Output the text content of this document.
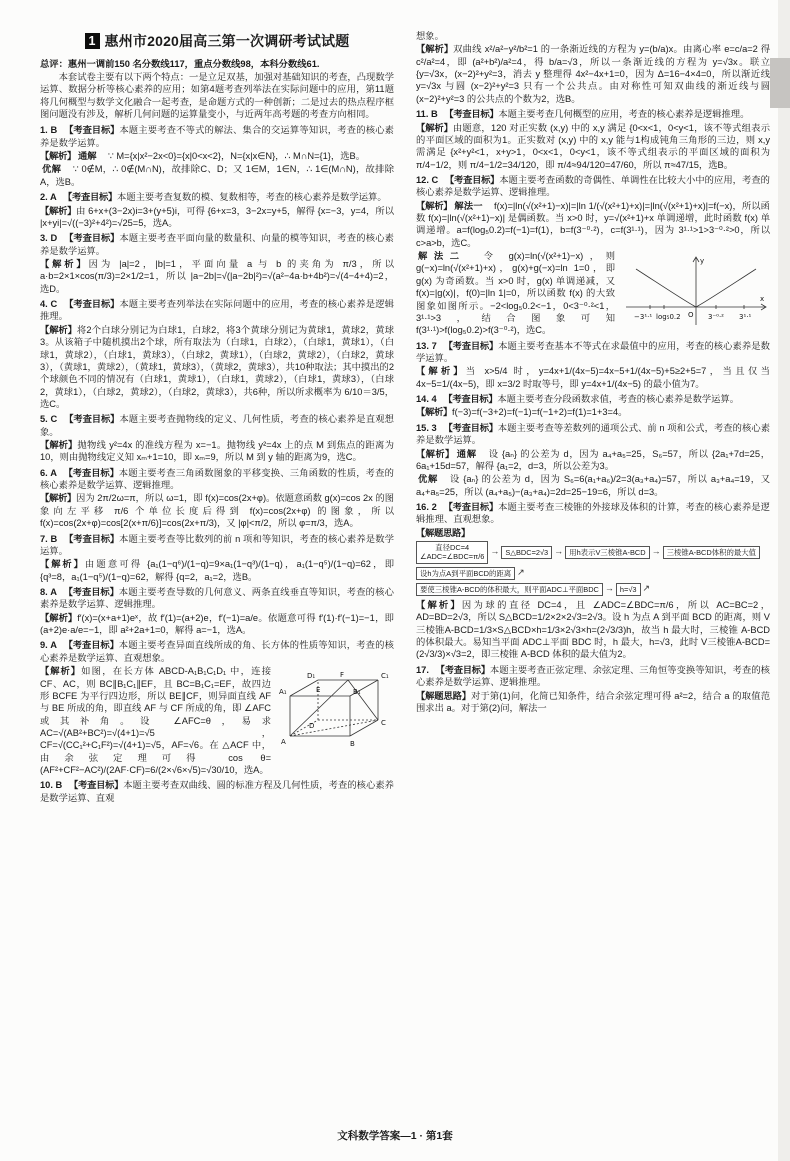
1 惠州市2020届高三第一次调研考试试题

总评：惠州一调前150 名分数线117，重点分数线98，本科分数线61.

本套试卷主要有以下两个特点：一是立足双基，加强对基础知识的考查，凸现数学运算、数据分析等核心素养的应用；如第4题考查列举法在实际问题中的应用，第11题将几何概型与数学文化融合一起考查，是命题方式的一种创新；二是过去的热点程序框图问题没有涉及，解析几何问题的运算量变小，与近两年高考题的考查方向相同。

1. B　【考查目标】本题主要考查不等式的解法、集合的交运算等知识，考查的核心素养是数学运算。

【解析】 通解　∵ M={x|x²−2x<0}={x|0<x<2}，N={x|x∈N}，∴ M∩N={1}，选B。

优解　∵ 0∉M，∴ 0∉(M∩N)，故排除C、D；又 1∈M，1∈N，∴ 1∈(M∩N)，故排除A，选B。

2. A　【考查目标】本题主要考查复数的模、复数相等，考查的核心素养是数学运算。

【解析】由 6+x+(3−2x)i=3+(y+5)i，可得 {6+x=3，3−2x=y+5，解得 {x=−3，y=4，所以 |x+yi|=√((−3)²+4²)=√25=5，选A。

3. D　【考查目标】本题主要考查平面向量的数量积、向量的模等知识，考查的核心素养是数学运算。

【解析】因为 |a|=2，|b|=1，平面向量 a 与 b 的夹角为 π/3，所以 a·b=2×1×cos(π/3)=2×1/2=1，所以 |a−2b|=√(|a−2b|²)=√(a²−4a·b+4b²)=√(4−4+4)=2，选D。

4. C　【考查目标】本题主要考查列举法在实际问题中的应用，考查的核心素养是逻辑推理。

【解析】将2个白球分别记为白球1，白球2，将3个黄球分别记为黄球1，黄球2，黄球3。从该箱子中随机摸出2个球，所有取法为（白球1，白球2），（白球1，黄球1），（白球1，黄球2），（白球1，黄球3），（白球2，黄球1），（白球2，黄球2），（白球2，黄球3），（黄球1，黄球2），（黄球1，黄球3），（黄球2，黄球3），共10种取法；其中摸出的2个球颜色不同的情况有（白球1，黄球1），（白球1，黄球2），（白球1，黄球3），（白球2，黄球1），（白球2，黄球2），（白球2，黄球3），共6种，所以所求概率为 6/10＝3/5，选C。

5. C　【考查目标】本题主要考查抛物线的定义、几何性质，考查的核心素养是直观想象。

【解析】抛物线 y²=4x 的准线方程为 x=−1。抛物线 y²=4x 上的点 M 到焦点的距离为10，则由抛物线定义知 xₘ+1=10，即 xₘ=9，所以 M 到 y 轴的距离为9，选C。

6. A　【考查目标】本题主要考查三角函数图象的平移变换、三角函数的性质，考查的核心素养是数学运算、逻辑推理。

【解析】因为 2π/2ω=π，所以 ω=1，即 f(x)=cos(2x+φ)。依题意函数 g(x)=cos 2x 的图象向左平移 π/6 个单位长度后得到 f(x)=cos(2x+φ) 的图象，所以 f(x)=cos(2x+φ)=cos[2(x+π/6)]=cos(2x+π/3)，又 |φ|<π/2，所以 φ=π/3，选A。

7. B　【考查目标】本题主要考查等比数列的前 n 项和等知识，考查的核心素养是数学运算。

【解析】由题意可得 {a₁(1−q⁶)/(1−q)=9×a₁(1−q³)/(1−q)，a₁(1−q⁵)/(1−q)=62，即 {q³=8，a₁(1−q⁵)/(1−q)=62，解得 {q=2，a₁=2，选B。

8. A　【考查目标】本题主要考查导数的几何意义、两条直线垂直等知识，考查的核心素养是数学运算、逻辑推理。

【解析】f′(x)=(x+a+1)eˣ，故 f′(1)=(a+2)e，f′(−1)=a/e。依题意可得 f′(1)·f′(−1)=−1，即 (a+2)e·a/e=−1，即 a²+2a+1=0，解得 a=−1，选A。

9. A　【考查目标】本题主要考查异面直线所成的角、长方体的性质等知识，考查的核心素养是数学运算、直观想象。

A	B
C
D
A₁	B₁
C₁
D₁
E
F

【解析】如图，在长方体 ABCD-A₁B₁C₁D₁ 中，连接 CF、AC，则 BC∥B₁C₁∥EF，且 BC=B₁C₁=EF，故四边形 BCFE 为平行四边形，所以 BE∥CF，则异面直线 AF 与 BE 所成的角，即直线 AF 与 CF 所成的角，即 ∠AFC 或其补角。设 ∠AFC=θ，易求 AC=√(AB²+BC²)=√(4+1)=√5，CF=√(CC₁²+C₁F²)=√(4+1)=√5，AF=√6。在 △ACF 中，由余弦定理可得 cos θ=(AF²+CF²−AC²)/(2AF·CF)=6/(2×√6×√5)=√30/10，选A。

10. B　【考查目标】本题主要考查双曲线、圆的标准方程及几何性质，考查的核心素养是数学运算、直观

想象。

【解析】双曲线 x²/a²−y²/b²=1 的一条渐近线的方程为 y=(b/a)x。由离心率 e=c/a=2 得 c²/a²=4，即 (a²+b²)/a²=4，得 b/a=√3，所以一条渐近线的方程为 y=√3x。联立 {y=√3x，(x−2)²+y²=3，消去 y 整理得 4x²−4x+1=0，因为 Δ=16−4×4=0，所以渐近线 y=√3x 与圆 (x−2)²+y²=3 只有一个公共点。由对称性可知双曲线的渐近线与圆 (x−2)²+y²=3 的公共点的个数为2，选B。

11. B　【考查目标】本题主要考查几何概型的应用，考查的核心素养是逻辑推理。

【解析】由题意，120 对正实数 (x,y) 中的 x,y 满足 {0<x<1，0<y<1，该不等式组表示的平面区域的面积为1。正实数对 (x,y) 中的 x,y 能与1构成钝角三角形的三边，则 x,y 需满足 {x²+y²<1，x+y>1，0<x<1，0<y<1，该不等式组表示的平面区域的面积为 π/4−1/2，则 π/4−1/2=34/120，即 π/4≈94/120=47/60，所以 π≈47/15，选B。

12. C　【考查目标】本题主要考查函数的奇偶性、单调性在比较大小中的应用，考查的核心素养是数学运算、逻辑推理。

【解析】 解法一　f(x)=|ln(√(x²+1)−x)|=|ln 1/(√(x²+1)+x)|=|ln(√(x²+1)+x)|=f(−x)，所以函数 f(x)=|ln(√(x²+1)−x)| 是偶函数。当 x>0 时，y=√(x²+1)+x 单调递增，此时函数 f(x) 单调递增。a=f(log₅0.2)=f(−1)=f(1)，b=f(3⁻⁰·²)，c=f(3¹·¹)，因为 3¹·¹>1>3⁻⁰·²>0，所以 c>a>b，选C。

−3¹·¹ log₅0.2	3⁻⁰·² 3¹·¹
O
y
x

解法二　令 g(x)=ln(√(x²+1)−x)，则 g(−x)=ln(√(x²+1)+x)，g(x)+g(−x)=ln 1=0，即 g(x) 为奇函数。当 x>0 时，g(x) 单调递减，又 f(x)=|g(x)|，f(0)=|ln 1|=0，所以函数 f(x) 的大致图象如图所示。−2<log₅0.2<−1，0<3⁻⁰·²<1，3¹·¹>3，结合图象可知 f(3¹·¹)>f(log₅0.2)>f(3⁻⁰·²)，选C。

13. 7　【考查目标】本题主要考查基本不等式在求最值中的应用，考查的核心素养是数学运算。

【解析】当 x>5/4 时，y=4x+1/(4x−5)=4x−5+1/(4x−5)+5≥2+5=7，当且仅当 4x−5=1/(4x−5)，即 x=3/2 时取等号，即 y=4x+1/(4x−5) 的最小值为7。

14. 4　【考查目标】本题主要考查分段函数求值，考查的核心素养是数学运算。

【解析】f(−3)=f(−3+2)=f(−1)=f(−1+2)=f(1)=1+3=4。

15. 3　【考查目标】本题主要考查等差数列的通项公式、前 n 项和公式，考查的核心素养是数学运算。

【解析】 通解　设 {aₙ} 的公差为 d，因为 a₄+a₅=25，S₆=57，所以 {2a₁+7d=25，6a₁+15d=57，解得 {a₁=2，d=3，所以公差为3。

优解　设 {aₙ} 的公差为 d，因为 S₆=6(a₁+a₆)/2=3(a₃+a₄)=57，所以 a₃+a₄=19，又 a₄+a₅=25，所以 (a₄+a₅)−(a₃+a₄)=2d=25−19=6，所以 d=3。

16. 2　【考查目标】本题主要考查三棱锥的外接球及体积的计算，考查的核心素养是逻辑推理、直观想象。

【解题思路】

直径DC=4
∠ADC=∠BDC=π/6
→ S△BDC=2√3 → 用h表示V三棱锥A-BCD → 三棱锥A-BCD体积的最大值
设h为点A到平面BCD的距离 ↗
要使三棱锥A-BCD的体积最大，则平面ADC⊥平面BDC → h=√3 ↗

【解析】因为球的直径 DC=4，且 ∠ADC=∠BDC=π/6，所以 AC=BC=2，AD=BD=2√3，所以 S△BCD=1/2×2×2√3=2√3。设 h 为点 A 到平面 BCD 的距离，则 V三棱锥A-BCD=1/3×S△BCD×h=1/3×2√3×h=(2√3/3)h，故当 h 最大时，三棱锥 A-BCD 的体积最大。易知当平面 ADC⊥平面 BDC 时，h 最大，h=√3，此时 V三棱锥A-BCD=(2√3/3)×√3=2，即三棱锥 A-BCD 体积的最大值为2。

17.　【考查目标】本题主要考查正弦定理、余弦定理、三角恒等变换等知识，考查的核心素养是数学运算、逻辑推理。

【解题思路】对于第(1)问，化简已知条件，结合余弦定理可得 a²=2，结合 a 的取值范围求出 a。对于第(2)问，解法一

文科数学答案—1 · 第1套
